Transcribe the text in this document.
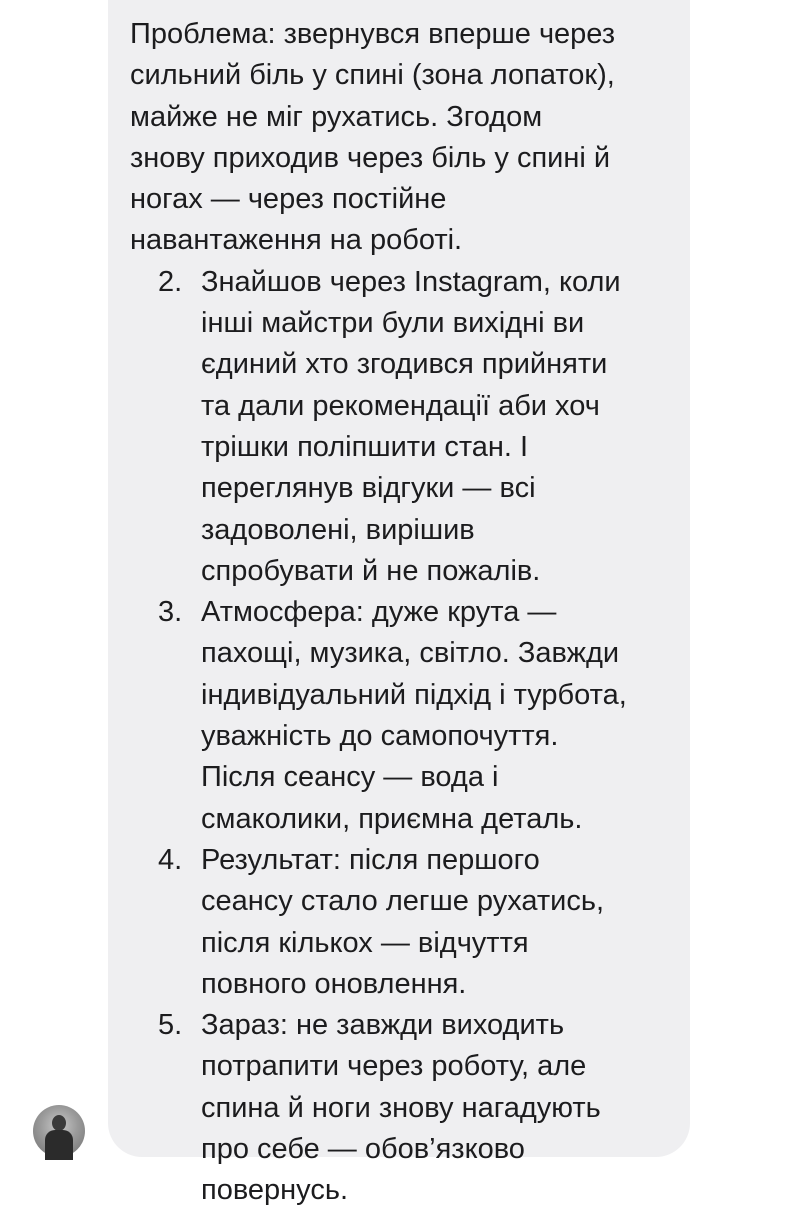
Проблема: звернувся вперше через
сильний біль у спині (зона лопаток),
майже не міг рухатись. Згодом
знову приходив через біль у спині й
ногах — через постійне
навантаження на роботі.

2. Знайшов через Instagram, коли
інші майстри були вихідні ви
єдиний хто згодився прийняти
та дали рекомендації аби хоч
трішки поліпшити стан. І
переглянув відгуки — всі
задоволені, вирішив
спробувати й не пожалів.
3. Атмосфера: дуже крута —
пахощі, музика, світло. Завжди
індивідуальний підхід і турбота,
уважність до самопочуття.
Після сеансу — вода і
смаколики, приємна деталь.
4. Результат: після першого
сеансу стало легше рухатись,
після кількох — відчуття
повного оновлення.
5. Зараз: не завжди виходить
потрапити через роботу, але
спина й ноги знову нагадують
про себе — обов’язково
повернусь.
